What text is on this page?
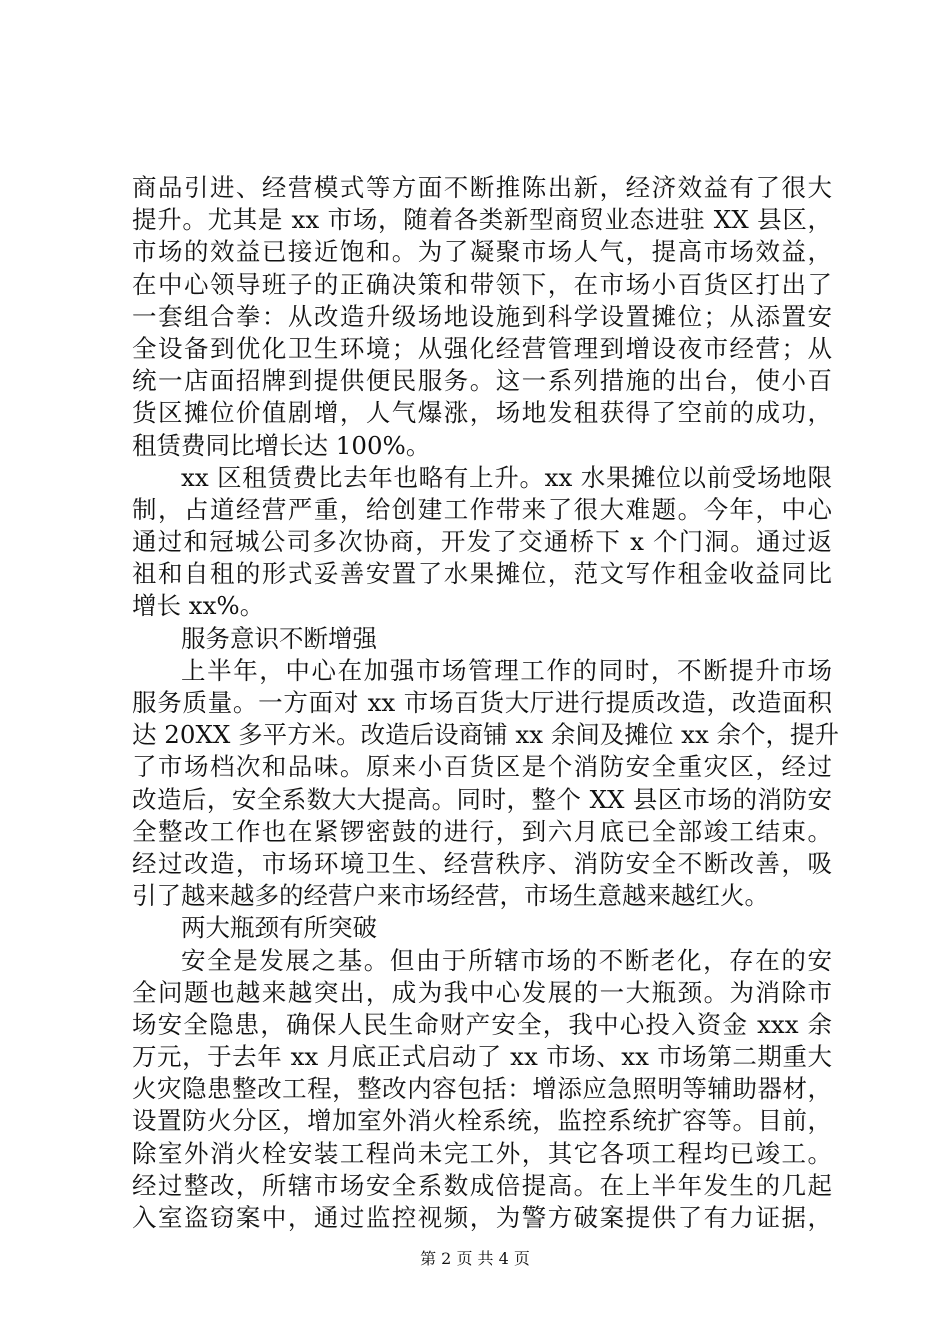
商品引进、经营模式等方面不断推陈出新，经济效益有了很大
提升。尤其是 xx 市场，随着各类新型商贸业态进驻 XX 县区，
市场的效益已接近饱和。为了凝聚市场人气，提高市场效益，
在中心领导班子的正确决策和带领下，在市场小百货区打出了
一套组合拳：从改造升级场地设施到科学设置摊位；从添置安
全设备到优化卫生环境；从强化经营管理到增设夜市经营；从
统一店面招牌到提供便民服务。这一系列措施的出台，使小百
货区摊位价值剧增，人气爆涨，场地发租获得了空前的成功，
租赁费同比增长达 100%。
xx 区租赁费比去年也略有上升。xx 水果摊位以前受场地限
制，占道经营严重，给创建工作带来了很大难题。今年，中心
通过和冠城公司多次协商，开发了交通桥下 x 个门洞。通过返
祖和自租的形式妥善安置了水果摊位，范文写作租金收益同比
增长 xx%。
服务意识不断增强
上半年，中心在加强市场管理工作的同时，不断提升市场
服务质量。一方面对 xx 市场百货大厅进行提质改造，改造面积
达 20XX 多平方米。改造后设商铺 xx 余间及摊位 xx 余个，提升
了市场档次和品味。原来小百货区是个消防安全重灾区，经过
改造后，安全系数大大提高。同时，整个 XX 县区市场的消防安
全整改工作也在紧锣密鼓的进行，到六月底已全部竣工结束。
经过改造，市场环境卫生、经营秩序、消防安全不断改善，吸
引了越来越多的经营户来市场经营，市场生意越来越红火。
两大瓶颈有所突破
安全是发展之基。但由于所辖市场的不断老化，存在的安
全问题也越来越突出，成为我中心发展的一大瓶颈。为消除市
场安全隐患，确保人民生命财产安全，我中心投入资金 xxx 余
万元，于去年 xx 月底正式启动了 xx 市场、xx 市场第二期重大
火灾隐患整改工程，整改内容包括：增添应急照明等辅助器材，
设置防火分区，增加室外消火栓系统，监控系统扩容等。目前，
除室外消火栓安装工程尚未完工外，其它各项工程均已竣工。
经过整改，所辖市场安全系数成倍提高。在上半年发生的几起
入室盗窃案中，通过监控视频，为警方破案提供了有力证据，
第 2 页 共 4 页
